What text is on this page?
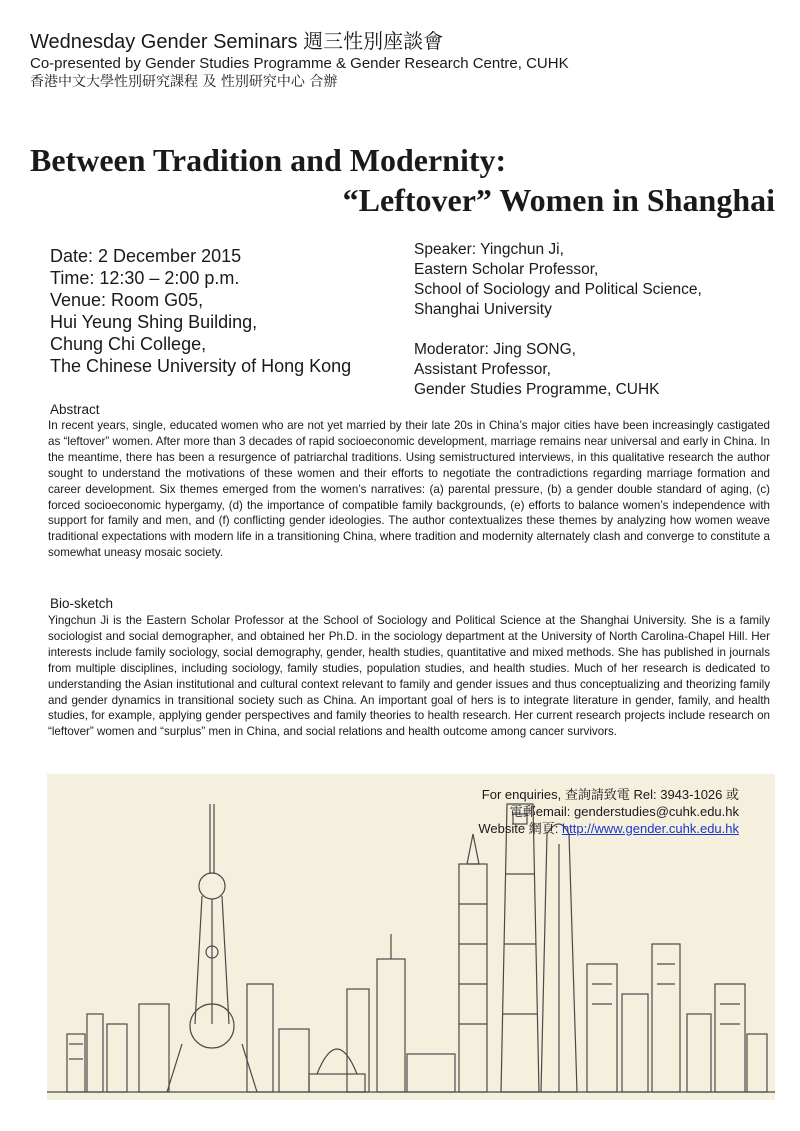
Wednesday Gender Seminars 週三性別座談會
Co-presented by Gender Studies Programme & Gender Research Centre, CUHK
香港中文大學性別研究課程 及 性別研究中心 合辦
Between Tradition and Modernity:
“Leftover” Women in Shanghai
Date: 2 December 2015
Time: 12:30 – 2:00 p.m.
Venue: Room G05,
Hui Yeung Shing Building,
Chung Chi College,
The Chinese University of Hong Kong
Speaker: Yingchun Ji,
Eastern Scholar Professor,
School of Sociology and Political Science,
Shanghai University
Moderator: Jing SONG,
Assistant Professor,
Gender Studies Programme, CUHK
Abstract
In recent years, single, educated women who are not yet married by their late 20s in China’s major cities have been increasingly castigated as “leftover” women. After more than 3 decades of rapid socioeconomic development, marriage remains near universal and early in China. In the meantime, there has been a resurgence of patriarchal traditions. Using semistructured interviews, in this qualitative research the author sought to understand the motivations of these women and their efforts to negotiate the contradictions regarding marriage formation and career development. Six themes emerged from the women’s narratives: (a) parental pressure, (b) a gender double standard of aging, (c) forced socioeconomic hypergamy, (d) the importance of compatible family backgrounds, (e) efforts to balance women’s independence with support for family and men, and (f) conflicting gender ideologies. The author contextualizes these themes by analyzing how women weave traditional expectations with modern life in a transitioning China, where tradition and modernity alternately clash and converge to constitute a somewhat uneasy mosaic society.
Bio-sketch
Yingchun Ji is the Eastern Scholar Professor at the School of Sociology and Political Science at the Shanghai University. She is a family sociologist and social demographer, and obtained her Ph.D. in the sociology department at the University of North Carolina-Chapel Hill. Her interests include family sociology, social demography, gender, health studies, quantitative and mixed methods. She has published in journals from multiple disciplines, including sociology, family studies, population studies, and health studies. Much of her research is dedicated to understanding the Asian institutional and cultural context relevant to family and gender issues and thus conceptualizing and theorizing family and gender dynamics in transitional society such as China. An important goal of hers is to integrate literature in gender, family, and health studies, for example, applying gender perspectives and family theories to health research. Her current research projects include research on “leftover” women and “surplus” men in China, and social relations and health outcome among cancer survivors.
For enquiries, 查詢請致電 Rel: 3943-1026 或
電郵email: genderstudies@cuhk.edu.hk
Website 網頁: http://www.gender.cuhk.edu.hk
